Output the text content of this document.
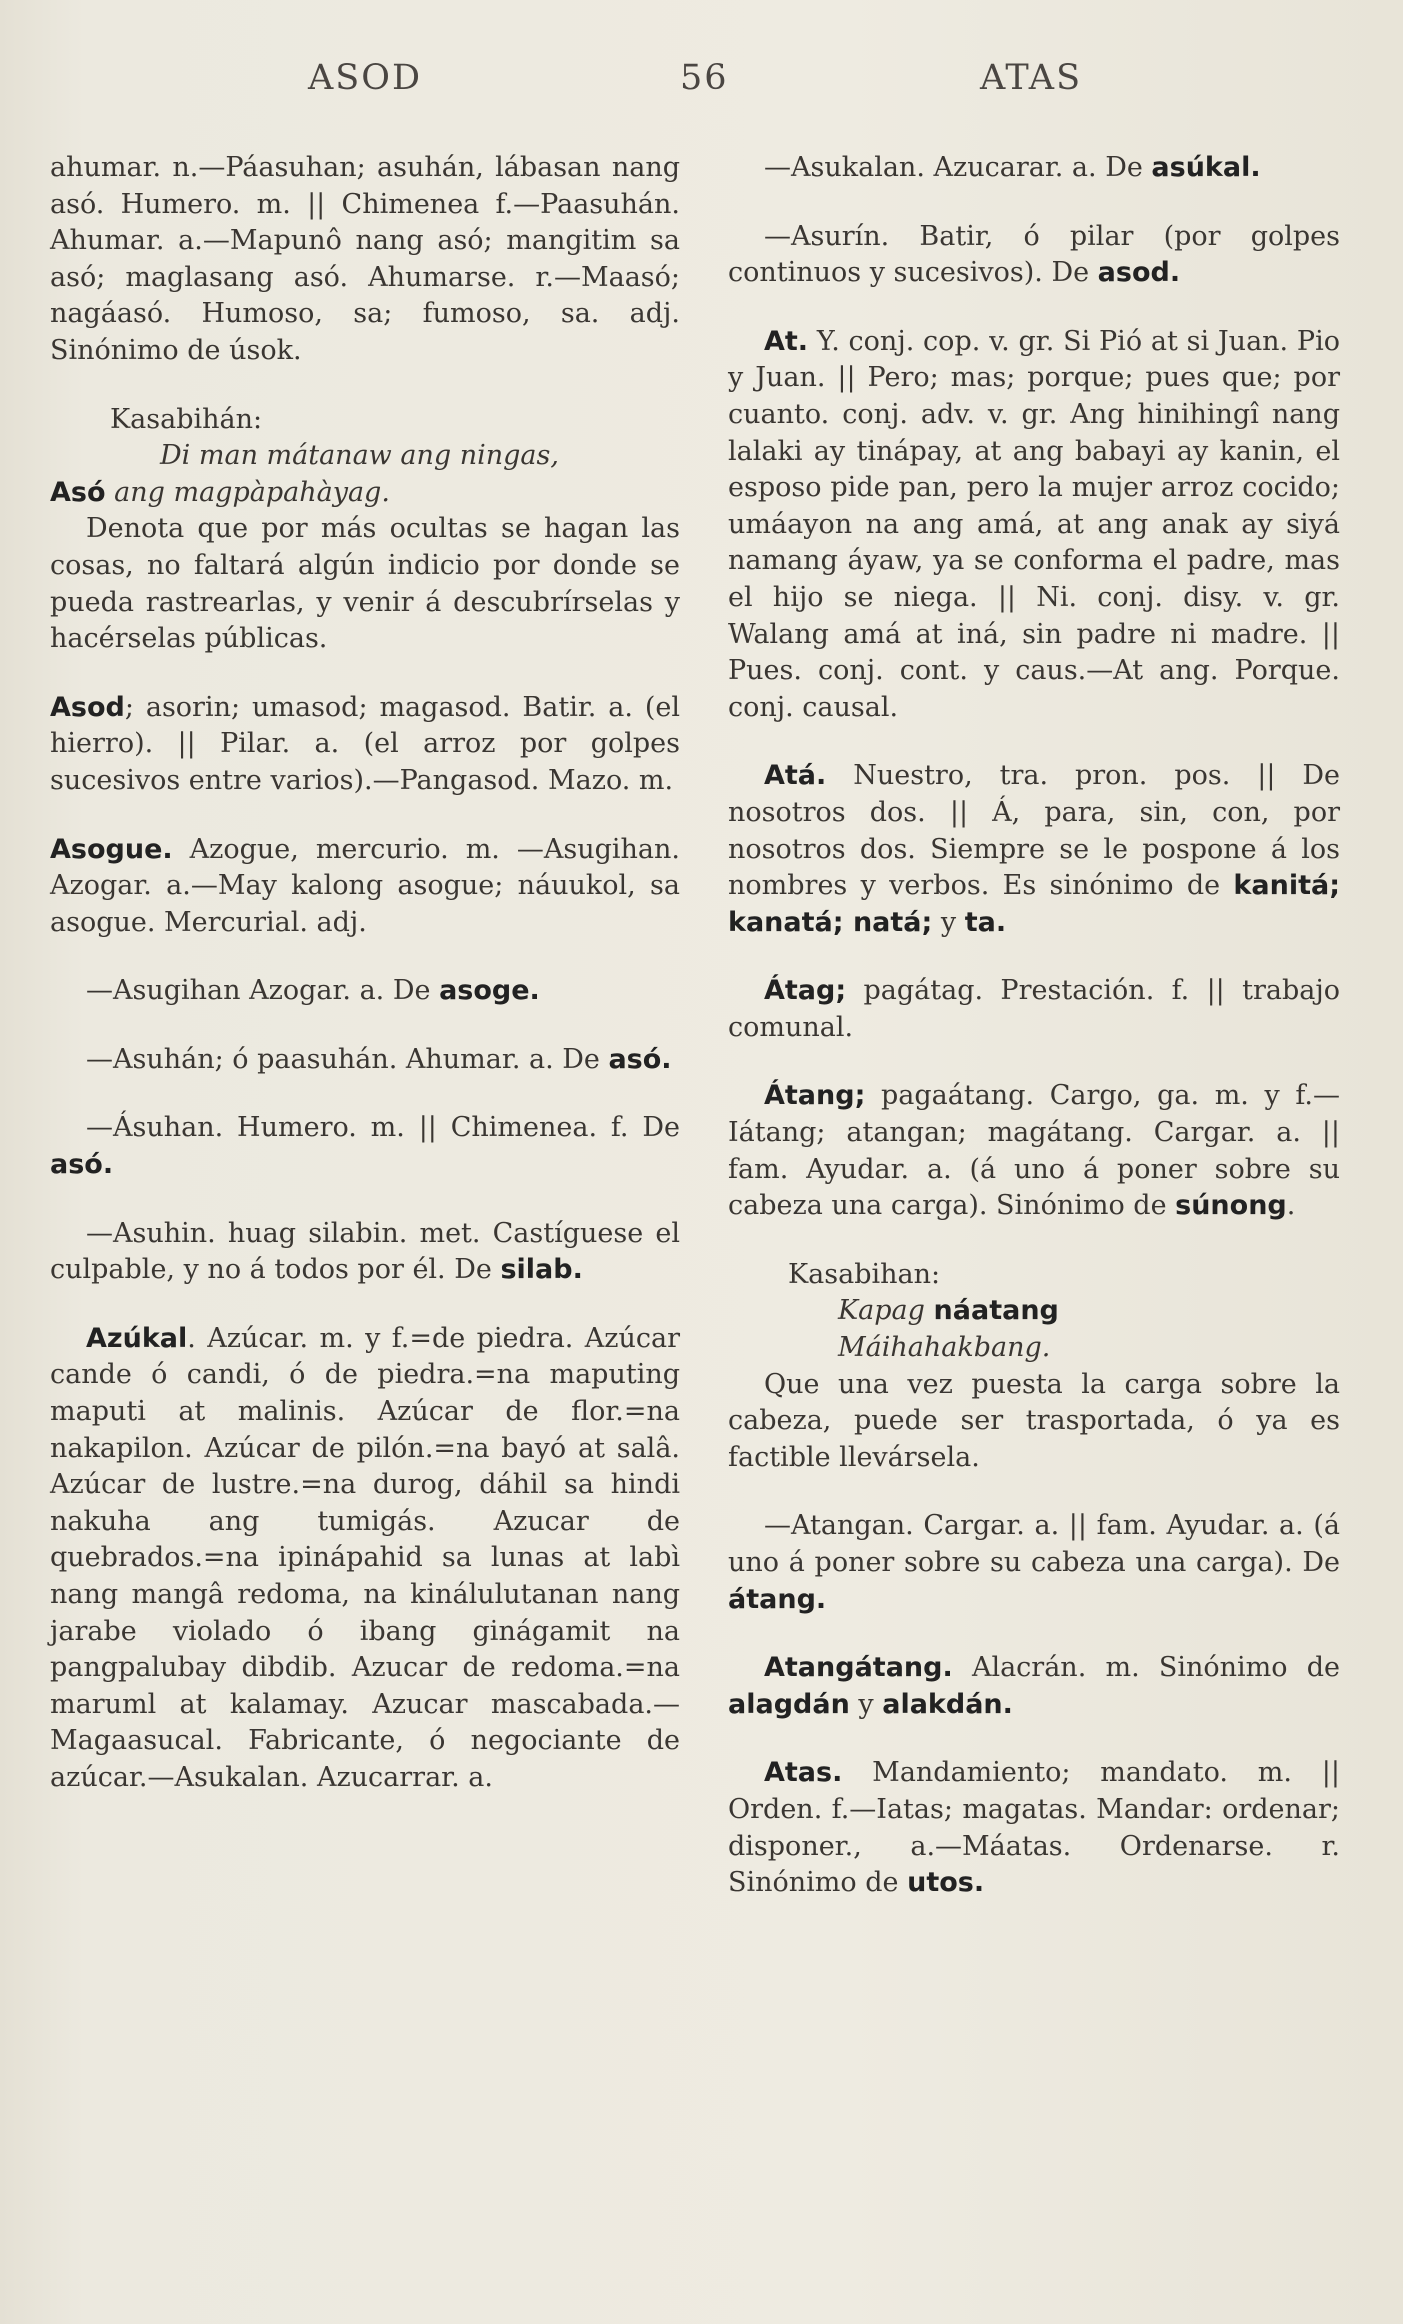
ASOD	56	ATAS

ahumar. n.—Páasuhan; asuhán, lábasan nang asó. Humero. m. || Chimenea f.—Paasuhán. Ahumar. a.—Mapunô nang asó; mangitim sa asó; maglasang asó. Ahumarse. r.—Maasó; nagáasó. Humoso, sa; fumoso, sa. adj. Sinónimo de úsok.

Kasabihán:

Di man mátanaw ang ningas,

Asó ang magpàpahàyag.

Denota que por más ocultas se hagan las cosas, no faltará algún indicio por donde se pueda rastrearlas, y venir á descubrírselas y hacérselas públicas.

Asod; asorin; umasod; magasod. Batir. a. (el hierro). || Pilar. a. (el arroz por golpes sucesivos entre varios).—Pangasod. Mazo. m.

Asogue. Azogue, mercurio. m. —Asugihan. Azogar. a.—May kalong asogue; náuukol, sa asogue. Mercurial. adj.

—Asugihan Azogar. a. De asoge.

—Asuhán; ó paasuhán. Ahumar. a. De asó.

—Ásuhan. Humero. m. || Chimenea. f. De asó.

—Asuhin. huag silabin. met. Castíguese el culpable, y no á todos por él. De silab.

Azúkal. Azúcar. m. y f.=de piedra. Azúcar cande ó candi, ó de piedra.=na maputing maputi at malinis. Azúcar de flor.=na nakapilon. Azúcar de pilón.=na bayó at salâ. Azúcar de lustre.=na durog, dáhil sa hindi nakuha ang tumigás. Azucar de quebrados.=na ipinápahid sa lunas at labì nang mangâ redoma, na kinálulutanan nang jarabe violado ó ibang ginágamit na pangpalubay dibdib. Azucar de redoma.=na maruml at kalamay. Azucar mascabada.—Magaasucal. Fabricante, ó negociante de azúcar.—Asukalan. Azucarrar. a.

—Asukalan. Azucarar. a. De asúkal.

—Asurín. Batir, ó pilar (por golpes continuos y sucesivos). De asod.

At. Y. conj. cop. v. gr. Si Pió at si Juan. Pio y Juan. || Pero; mas; porque; pues que; por cuanto. conj. adv. v. gr. Ang hinihingî nang lalaki ay tinápay, at ang babayi ay kanin, el esposo pide pan, pero la mujer arroz cocido; umáayon na ang amá, at ang anak ay siyá namang áyaw, ya se conforma el padre, mas el hijo se niega. || Ni. conj. disy. v. gr. Walang amá at iná, sin padre ni madre. || Pues. conj. cont. y caus.—At ang. Porque. conj. causal.

Atá. Nuestro, tra. pron. pos. || De nosotros dos. || Á, para, sin, con, por nosotros dos. Siempre se le pospone á los nombres y verbos. Es sinónimo de kanitá; kanatá; natá; y ta.

Átag; pagátag. Prestación. f. || trabajo comunal.

Átang; pagaátang. Cargo, ga. m. y f.—Iátang; atangan; magátang. Cargar. a. || fam. Ayudar. a. (á uno á poner sobre su cabeza una carga). Sinónimo de súnong.

Kasabihan:

Kapag náatang

Máihahakbang.

Que una vez puesta la carga sobre la cabeza, puede ser trasportada, ó ya es factible llevársela.

—Atangan. Cargar. a. || fam. Ayudar. a. (á uno á poner sobre su cabeza una carga). De átang.

Atangátang. Alacrán. m. Sinónimo de alagdán y alakdán.

Atas. Mandamiento; mandato. m. || Orden. f.—Iatas; magatas. Mandar: ordenar; disponer., a.—Máatas. Ordenarse. r. Sinónimo de utos.
